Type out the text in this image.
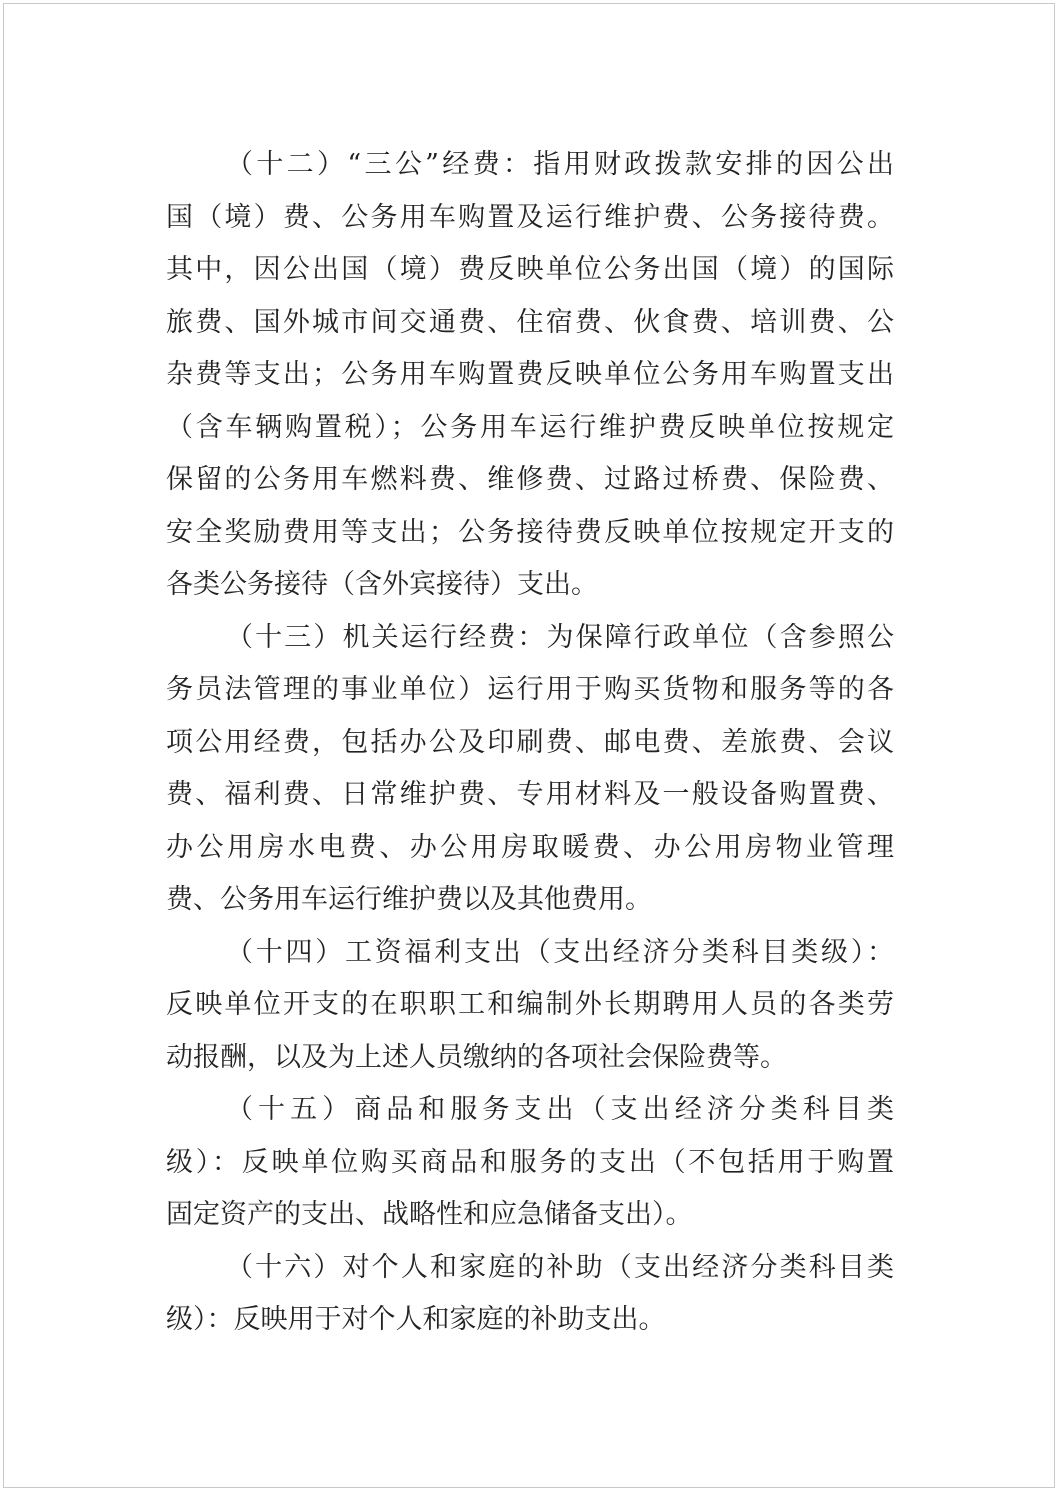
（十二）“三公”经费：指用财政拨款安排的因公出
国（境）费、公务用车购置及运行维护费、公务接待费。
其中，因公出国（境）费反映单位公务出国（境）的国际
旅费、国外城市间交通费、住宿费、伙食费、培训费、公
杂费等支出；公务用车购置费反映单位公务用车购置支出
（含车辆购置税）；公务用车运行维护费反映单位按规定
保留的公务用车燃料费、维修费、过路过桥费、保险费、
安全奖励费用等支出；公务接待费反映单位按规定开支的
各类公务接待（含外宾接待）支出。
（十三）机关运行经费：为保障行政单位（含参照公
务员法管理的事业单位）运行用于购买货物和服务等的各
项公用经费，包括办公及印刷费、邮电费、差旅费、会议
费、福利费、日常维护费、专用材料及一般设备购置费、
办公用房水电费、办公用房取暖费、办公用房物业管理
费、公务用车运行维护费以及其他费用。
（十四）工资福利支出（支出经济分类科目类级）：
反映单位开支的在职职工和编制外长期聘用人员的各类劳
动报酬，以及为上述人员缴纳的各项社会保险费等。
（十五）商品和服务支出（支出经济分类科目类
级）：反映单位购买商品和服务的支出（不包括用于购置
固定资产的支出、战略性和应急储备支出）。
（十六）对个人和家庭的补助（支出经济分类科目类
级）：反映用于对个人和家庭的补助支出。
